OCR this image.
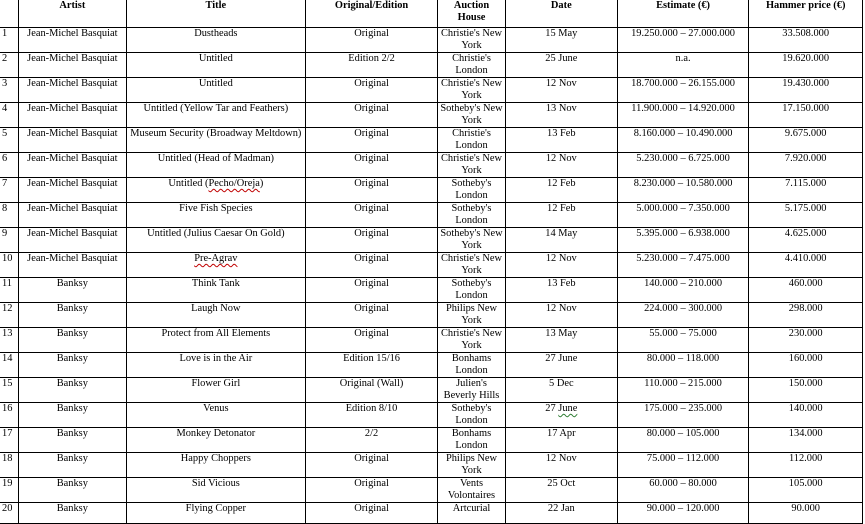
	Artist	Title	Original/Edition	Auction House	Date	Estimate (€)	Hammer price (€)
1	Jean-Michel Basquiat	Dustheads	Original	Christie's New York	15 May	19.250.000 – 27.000.000	33.508.000
2	Jean-Michel Basquiat	Untitled	Edition 2/2	Christie's London	25 June	n.a.	19.620.000
3	Jean-Michel Basquiat	Untitled	Original	Christie's New York	12 Nov	18.700.000 – 26.155.000	19.430.000
4	Jean-Michel Basquiat	Untitled (Yellow Tar and Feathers)	Original	Sotheby's New York	13 Nov	11.900.000 – 14.920.000	17.150.000
5	Jean-Michel Basquiat	Museum Security (Broadway Meltdown)	Original	Christie's London	13 Feb	8.160.000 – 10.490.000	9.675.000
6	Jean-Michel Basquiat	Untitled (Head of Madman)	Original	Christie's New York	12 Nov	5.230.000 – 6.725.000	7.920.000
7	Jean-Michel Basquiat	Untitled (Pecho/Oreja)	Original	Sotheby's London	12 Feb	8.230.000 – 10.580.000	7.115.000
8	Jean-Michel Basquiat	Five Fish Species	Original	Sotheby's London	12 Feb	5.000.000 – 7.350.000	5.175.000
9	Jean-Michel Basquiat	Untitled (Julius Caesar On Gold)	Original	Sotheby's New York	14 May	5.395.000 – 6.938.000	4.625.000
10	Jean-Michel Basquiat	Pre-Agrav	Original	Christie's New York	12 Nov	5.230.000 – 7.475.000	4.410.000
11	Banksy	Think Tank	Original	Sotheby's London	13 Feb	140.000 – 210.000	460.000
12	Banksy	Laugh Now	Original	Philips New York	12 Nov	224.000 – 300.000	298.000
13	Banksy	Protect from All Elements	Original	Christie's New York	13 May	55.000 – 75.000	230.000
14	Banksy	Love is in the Air	Edition 15/16	Bonhams London	27 June	80.000 – 118.000	160.000
15	Banksy	Flower Girl	Original (Wall)	Julien's Beverly Hills	5 Dec	110.000 – 215.000	150.000
16	Banksy	Venus	Edition 8/10	Sotheby's London	27 June	175.000 – 235.000	140.000
17	Banksy	Monkey Detonator	2/2	Bonhams London	17 Apr	80.000 – 105.000	134.000
18	Banksy	Happy Choppers	Original	Philips New York	12 Nov	75.000 – 112.000	112.000
19	Banksy	Sid Vicious	Original	Vents Volontaires	25 Oct	60.000 – 80.000	105.000
20	Banksy	Flying Copper	Original	Artcurial	22 Jan	90.000 – 120.000	90.000
